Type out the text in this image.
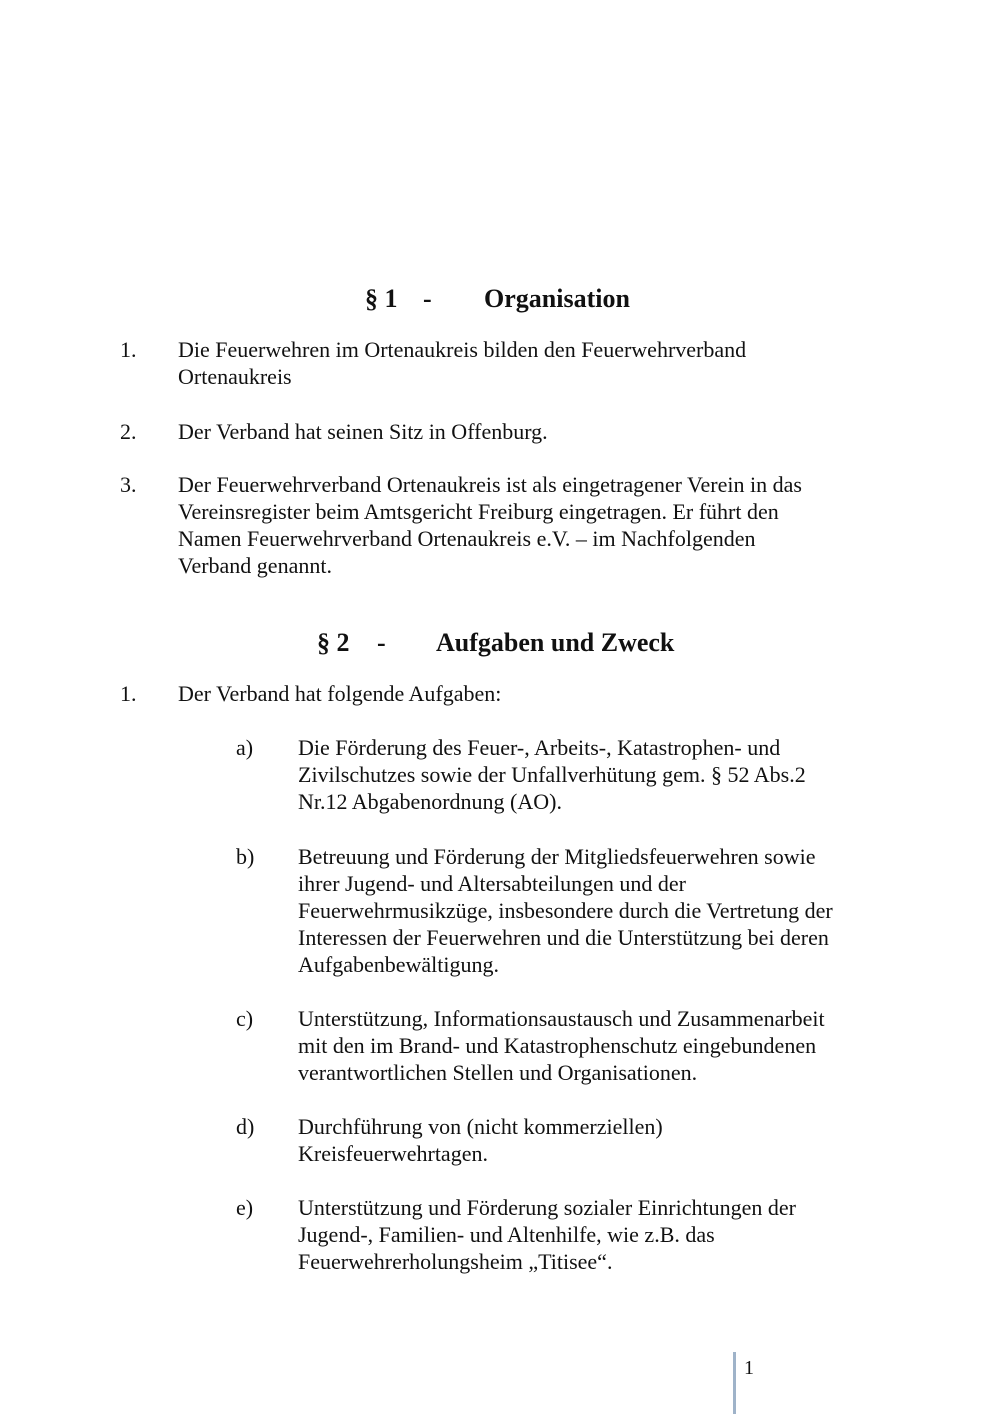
§ 1 - Organisation
1. Die Feuerwehren im Ortenaukreis bilden den Feuerwehrverband
Ortenaukreis
2. Der Verband hat seinen Sitz in Offenburg.
3. Der Feuerwehrverband Ortenaukreis ist als eingetragener Verein in das
Vereinsregister beim Amtsgericht Freiburg eingetragen. Er führt den
Namen Feuerwehrverband Ortenaukreis e.V. – im Nachfolgenden
Verband genannt.
§ 2 - Aufgaben und Zweck
1. Der Verband hat folgende Aufgaben:
a) Die Förderung des Feuer-, Arbeits-, Katastrophen- und
Zivilschutzes sowie der Unfallverhütung gem. § 52 Abs.2
Nr.12 Abgabenordnung (AO).
b) Betreuung und Förderung der Mitgliedsfeuerwehren sowie
ihrer Jugend- und Altersabteilungen und der
Feuerwehrmusikzüge, insbesondere durch die Vertretung der
Interessen der Feuerwehren und die Unterstützung bei deren
Aufgabenbewältigung.
c) Unterstützung, Informationsaustausch und Zusammenarbeit
mit den im Brand- und Katastrophenschutz eingebundenen
verantwortlichen Stellen und Organisationen.
d) Durchführung von (nicht kommerziellen)
Kreisfeuerwehrtagen.
e) Unterstützung und Förderung sozialer Einrichtungen der
Jugend-, Familien- und Altenhilfe, wie z.B. das
Feuerwehrerholungsheim „Titisee“.
1
